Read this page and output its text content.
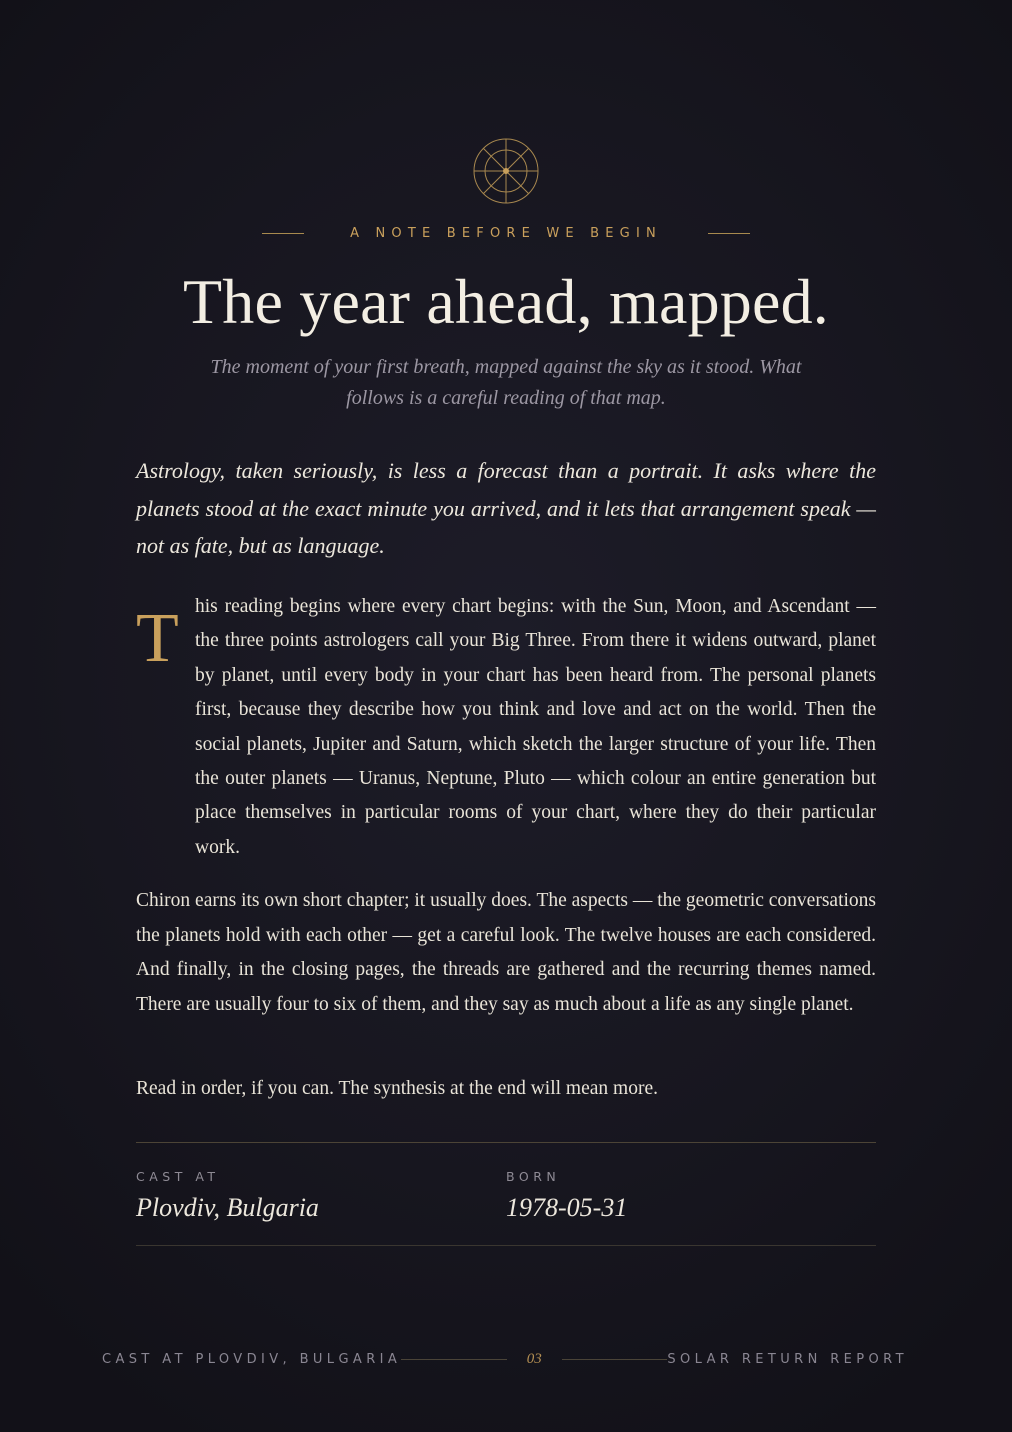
A NOTE BEFORE WE BEGIN
The year ahead, mapped.

The moment of your first breath, mapped against the sky as it stood. What follows is a careful reading of that map.

Astrology, taken seriously, is less a forecast than a portrait. It asks where the planets stood at the exact minute you arrived, and it lets that arrangement speak — not as fate, but as language.

T his reading begins where every chart begins: with the Sun, Moon, and Ascendant — the three points astrologers call your Big Three. From there it widens outward, planet by planet, until every body in your chart has been heard from. The personal planets first, because they describe how you think and love and act on the world. Then the social planets, Jupiter and Saturn, which sketch the larger structure of your life. Then the outer planets — Uranus, Neptune, Pluto — which colour an entire generation but place themselves in particular rooms of your chart, where they do their particular work.

Chiron earns its own short chapter; it usually does. The aspects — the geometric conversations the planets hold with each other — get a careful look. The twelve houses are each considered. And finally, in the closing pages, the threads are gathered and the recurring themes named. There are usually four to six of them, and they say as much about a life as any single planet.

Read in order, if you can. The synthesis at the end will mean more.

CAST AT
Plovdiv, Bulgaria
BORN
1978-05-31
CAST AT PLOVDIV, BULGARIA	03	SOLAR RETURN REPORT
